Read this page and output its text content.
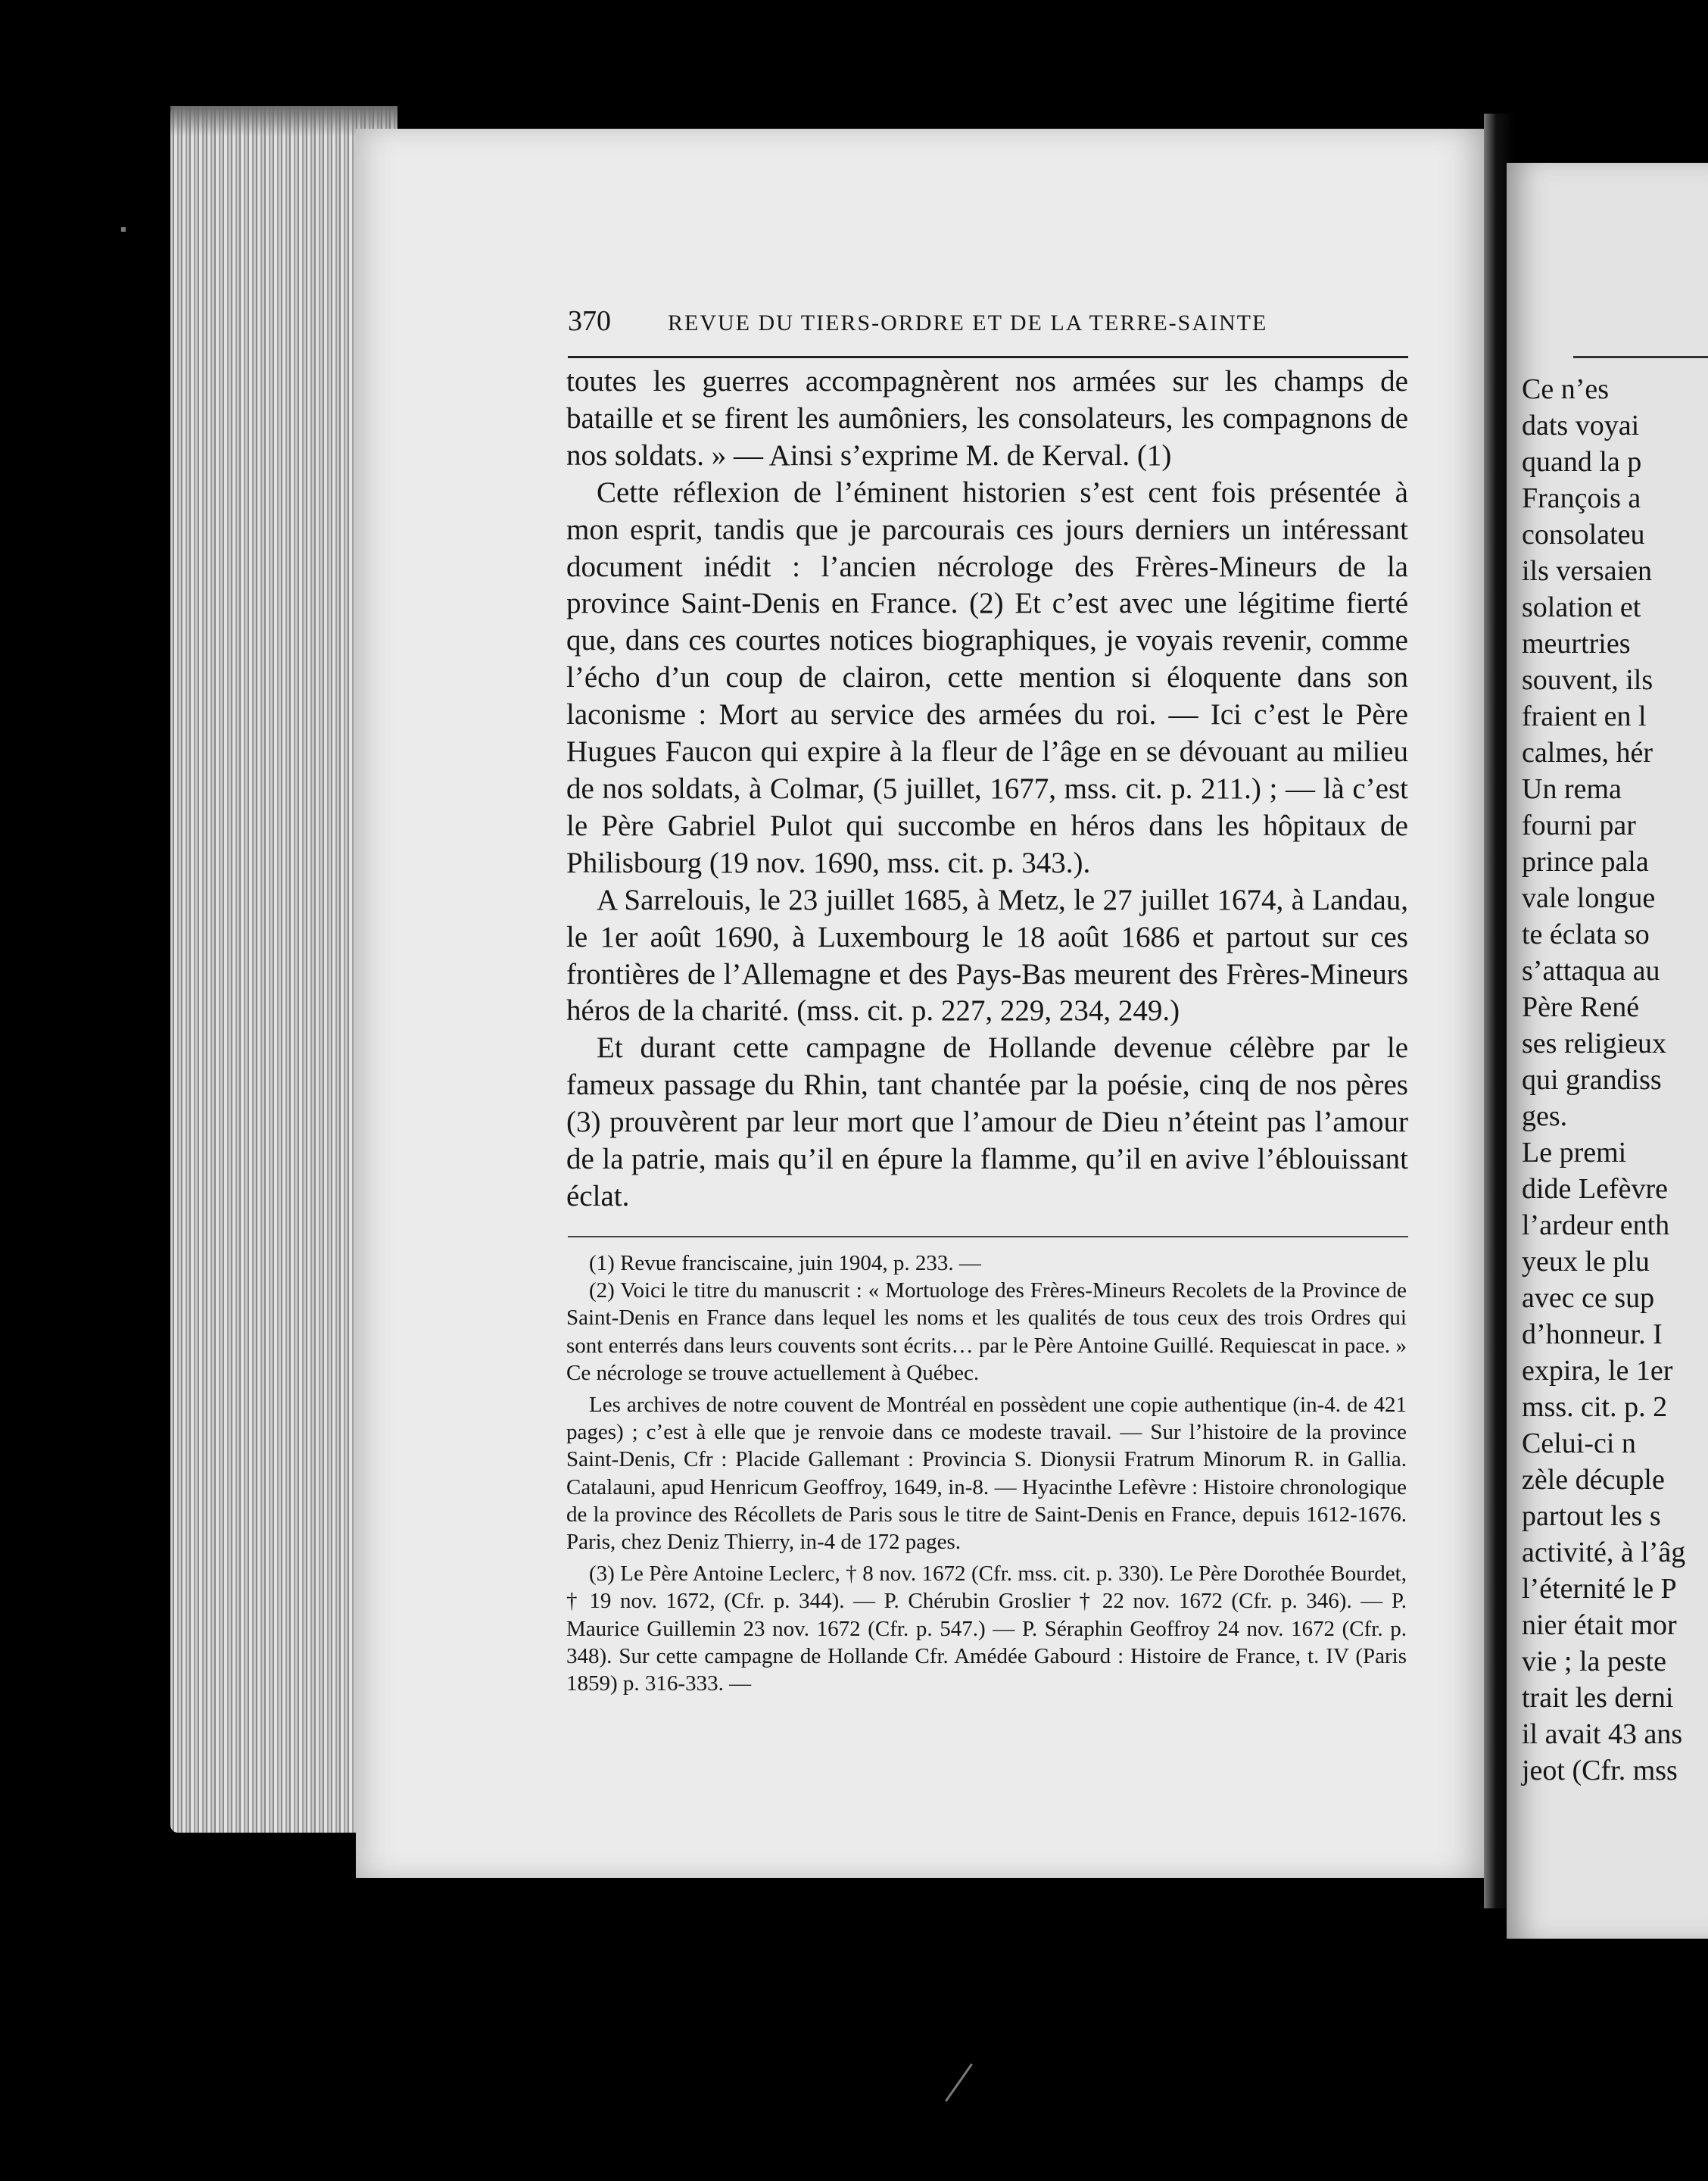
370	REVUE DU TIERS-ORDRE ET DE LA TERRE-SAINTE

toutes les guerres accompagnèrent nos armées sur les champs de bataille et se firent les aumôniers, les consolateurs, les compagnons de nos soldats. » — Ainsi s’exprime M. de Kerval. (1)

Cette réflexion de l’éminent historien s’est cent fois présentée à mon esprit, tandis que je parcourais ces jours derniers un intéressant document inédit : l’ancien nécrologe des Frères-Mineurs de la province Saint-Denis en France. (2) Et c’est avec une légitime fierté que, dans ces courtes notices biographiques, je voyais revenir, comme l’écho d’un coup de clairon, cette mention si éloquente dans son laconisme : Mort au service des armées du roi. — Ici c’est le Père Hugues Faucon qui expire à la fleur de l’âge en se dévouant au milieu de nos soldats, à Colmar, (5 juillet, 1677, mss. cit. p. 211.) ; — là c’est le Père Gabriel Pulot qui succombe en héros dans les hôpitaux de Philisbourg (19 nov. 1690, mss. cit. p. 343.).

A Sarrelouis, le 23 juillet 1685, à Metz, le 27 juillet 1674, à Landau, le 1er août 1690, à Luxembourg le 18 août 1686 et partout sur ces frontières de l’Allemagne et des Pays-Bas meurent des Frères-Mineurs héros de la charité. (mss. cit. p. 227, 229, 234, 249.)

Et durant cette campagne de Hollande devenue célèbre par le fameux passage du Rhin, tant chantée par la poésie, cinq de nos pères (3) prouvèrent par leur mort que l’amour de Dieu n’éteint pas l’amour de la patrie, mais qu’il en épure la flamme, qu’il en avive l’éblouissant éclat.

(1) Revue franciscaine, juin 1904, p. 233. —

(2) Voici le titre du manuscrit : « Mortuologe des Frères-Mineurs Recolets de la Province de Saint-Denis en France dans lequel les noms et les qualités de tous ceux des trois Ordres qui sont enterrés dans leurs couvents sont écrits… par le Père Antoine Guillé. Requiescat in pace. » Ce nécrologe se trouve actuellement à Québec.

Les archives de notre couvent de Montréal en possèdent une copie authentique (in-4. de 421 pages) ; c’est à elle que je renvoie dans ce modeste travail. — Sur l’histoire de la province Saint-Denis, Cfr : Placide Gallemant : Provincia S. Dionysii Fratrum Minorum R. in Gallia. Catalauni, apud Henricum Geoffroy, 1649, in-8. — Hyacinthe Lefèvre : Histoire chronologique de la province des Récollets de Paris sous le titre de Saint-Denis en France, depuis 1612-1676. Paris, chez Deniz Thierry, in-4 de 172 pages.

(3) Le Père Antoine Leclerc, † 8 nov. 1672 (Cfr. mss. cit. p. 330). Le Père Dorothée Bourdet, † 19 nov. 1672, (Cfr. p. 344). — P. Chérubin Groslier † 22 nov. 1672 (Cfr. p. 346). — P. Maurice Guillemin 23 nov. 1672 (Cfr. p. 547.) — P. Séraphin Geoffroy 24 nov. 1672 (Cfr. p. 348). Sur cette campagne de Hollande Cfr. Amédée Gabourd : Histoire de France, t. IV (Paris 1859) p. 316-333. —

Ce n’es
dats voyai
quand la p
François a
consolateu
ils versaien
solation et
meurtries
souvent, ils
fraient en l
calmes, hér
Un rema
fourni par
prince pala
vale longue
te éclata so
s’attaqua au
Père René
ses religieux
qui grandiss
ges.
Le premi
dide Lefèvre
l’ardeur enth
yeux le plu
avec ce sup
d’honneur. I
expira, le 1er
mss. cit. p. 2
Celui-ci n
zèle décuple
partout les s
activité, à l’âg
l’éternité le P
nier était mor
vie ; la peste
trait les derni
il avait 43 ans
jeot (Cfr. mss
